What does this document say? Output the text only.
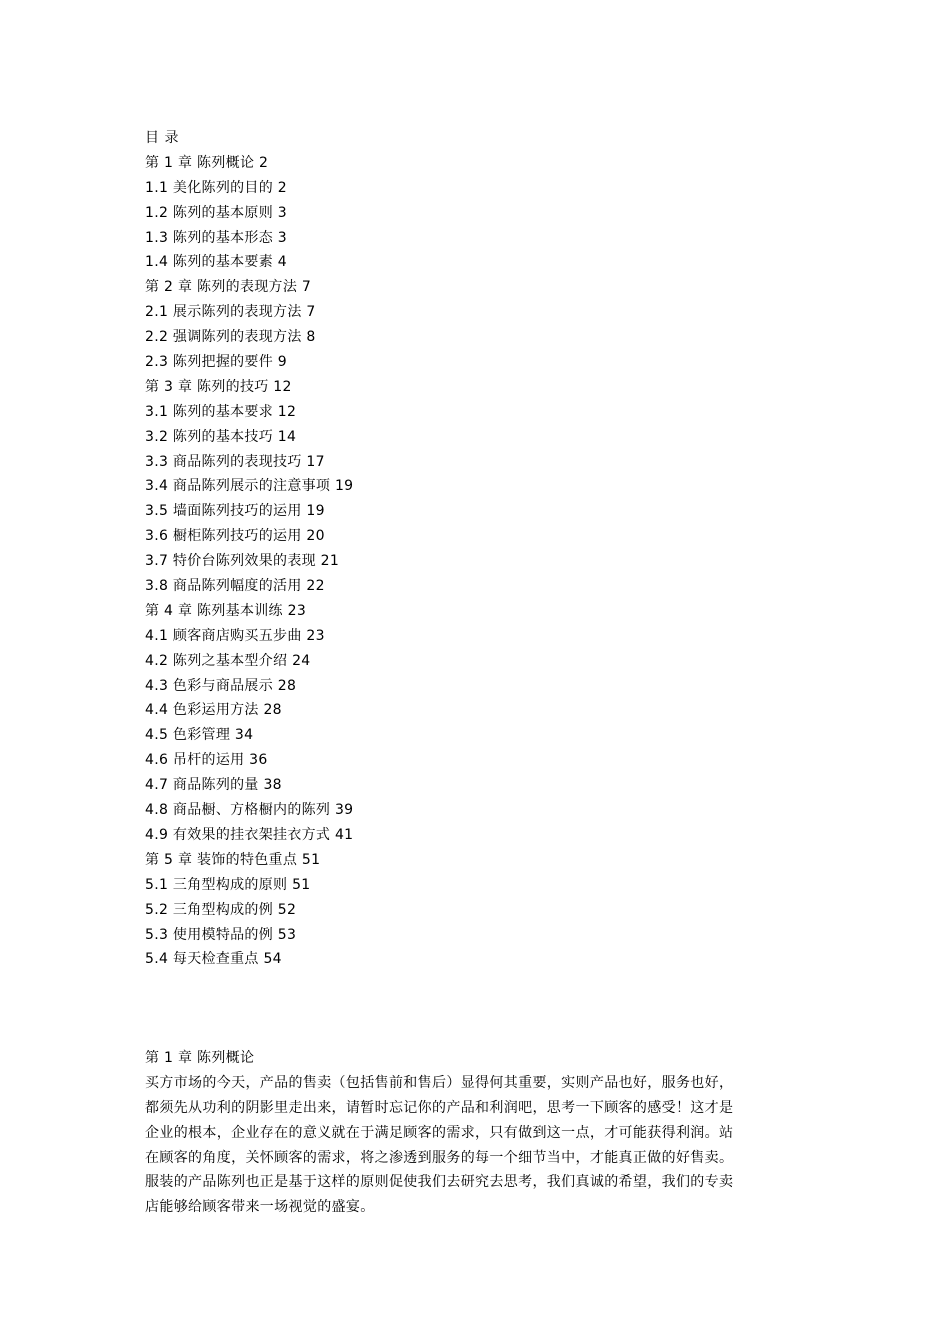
目 录
第 1 章 陈列概论 2
1.1 美化陈列的目的 2
1.2 陈列的基本原则 3
1.3 陈列的基本形态 3
1.4 陈列的基本要素 4
第 2 章 陈列的表现方法 7
2.1 展示陈列的表现方法 7
2.2 强调陈列的表现方法 8
2.3 陈列把握的要件 9
第 3 章 陈列的技巧 12
3.1 陈列的基本要求 12
3.2 陈列的基本技巧 14
3.3 商品陈列的表现技巧 17
3.4 商品陈列展示的注意事项 19
3.5 墙面陈列技巧的运用 19
3.6 橱柜陈列技巧的运用 20
3.7 特价台陈列效果的表现 21
3.8 商品陈列幅度的活用 22
第 4 章 陈列基本训练 23
4.1 顾客商店购买五步曲 23
4.2 陈列之基本型介绍 24
4.3 色彩与商品展示 28
4.4 色彩运用方法 28
4.5 色彩管理 34
4.6 吊杆的运用 36
4.7 商品陈列的量 38
4.8 商品橱、方格橱内的陈列 39
4.9 有效果的挂衣架挂衣方式 41
第 5 章 装饰的特色重点 51
5.1 三角型构成的原则 51
5.2 三角型构成的例 52
5.3 使用模特品的例 53
5.4 每天检查重点 54
第 1 章 陈列概论

买方市场的今天，产品的售卖（包括售前和售后）显得何其重要，实则产品也好，服务也好，
都须先从功利的阴影里走出来，请暂时忘记你的产品和利润吧，思考一下顾客的感受！这才是
企业的根本，企业存在的意义就在于满足顾客的需求，只有做到这一点，才可能获得利润。站
在顾客的角度，关怀顾客的需求，将之渗透到服务的每一个细节当中，才能真正做的好售卖。
服装的产品陈列也正是基于这样的原则促使我们去研究去思考，我们真诚的希望，我们的专卖
店能够给顾客带来一场视觉的盛宴。
